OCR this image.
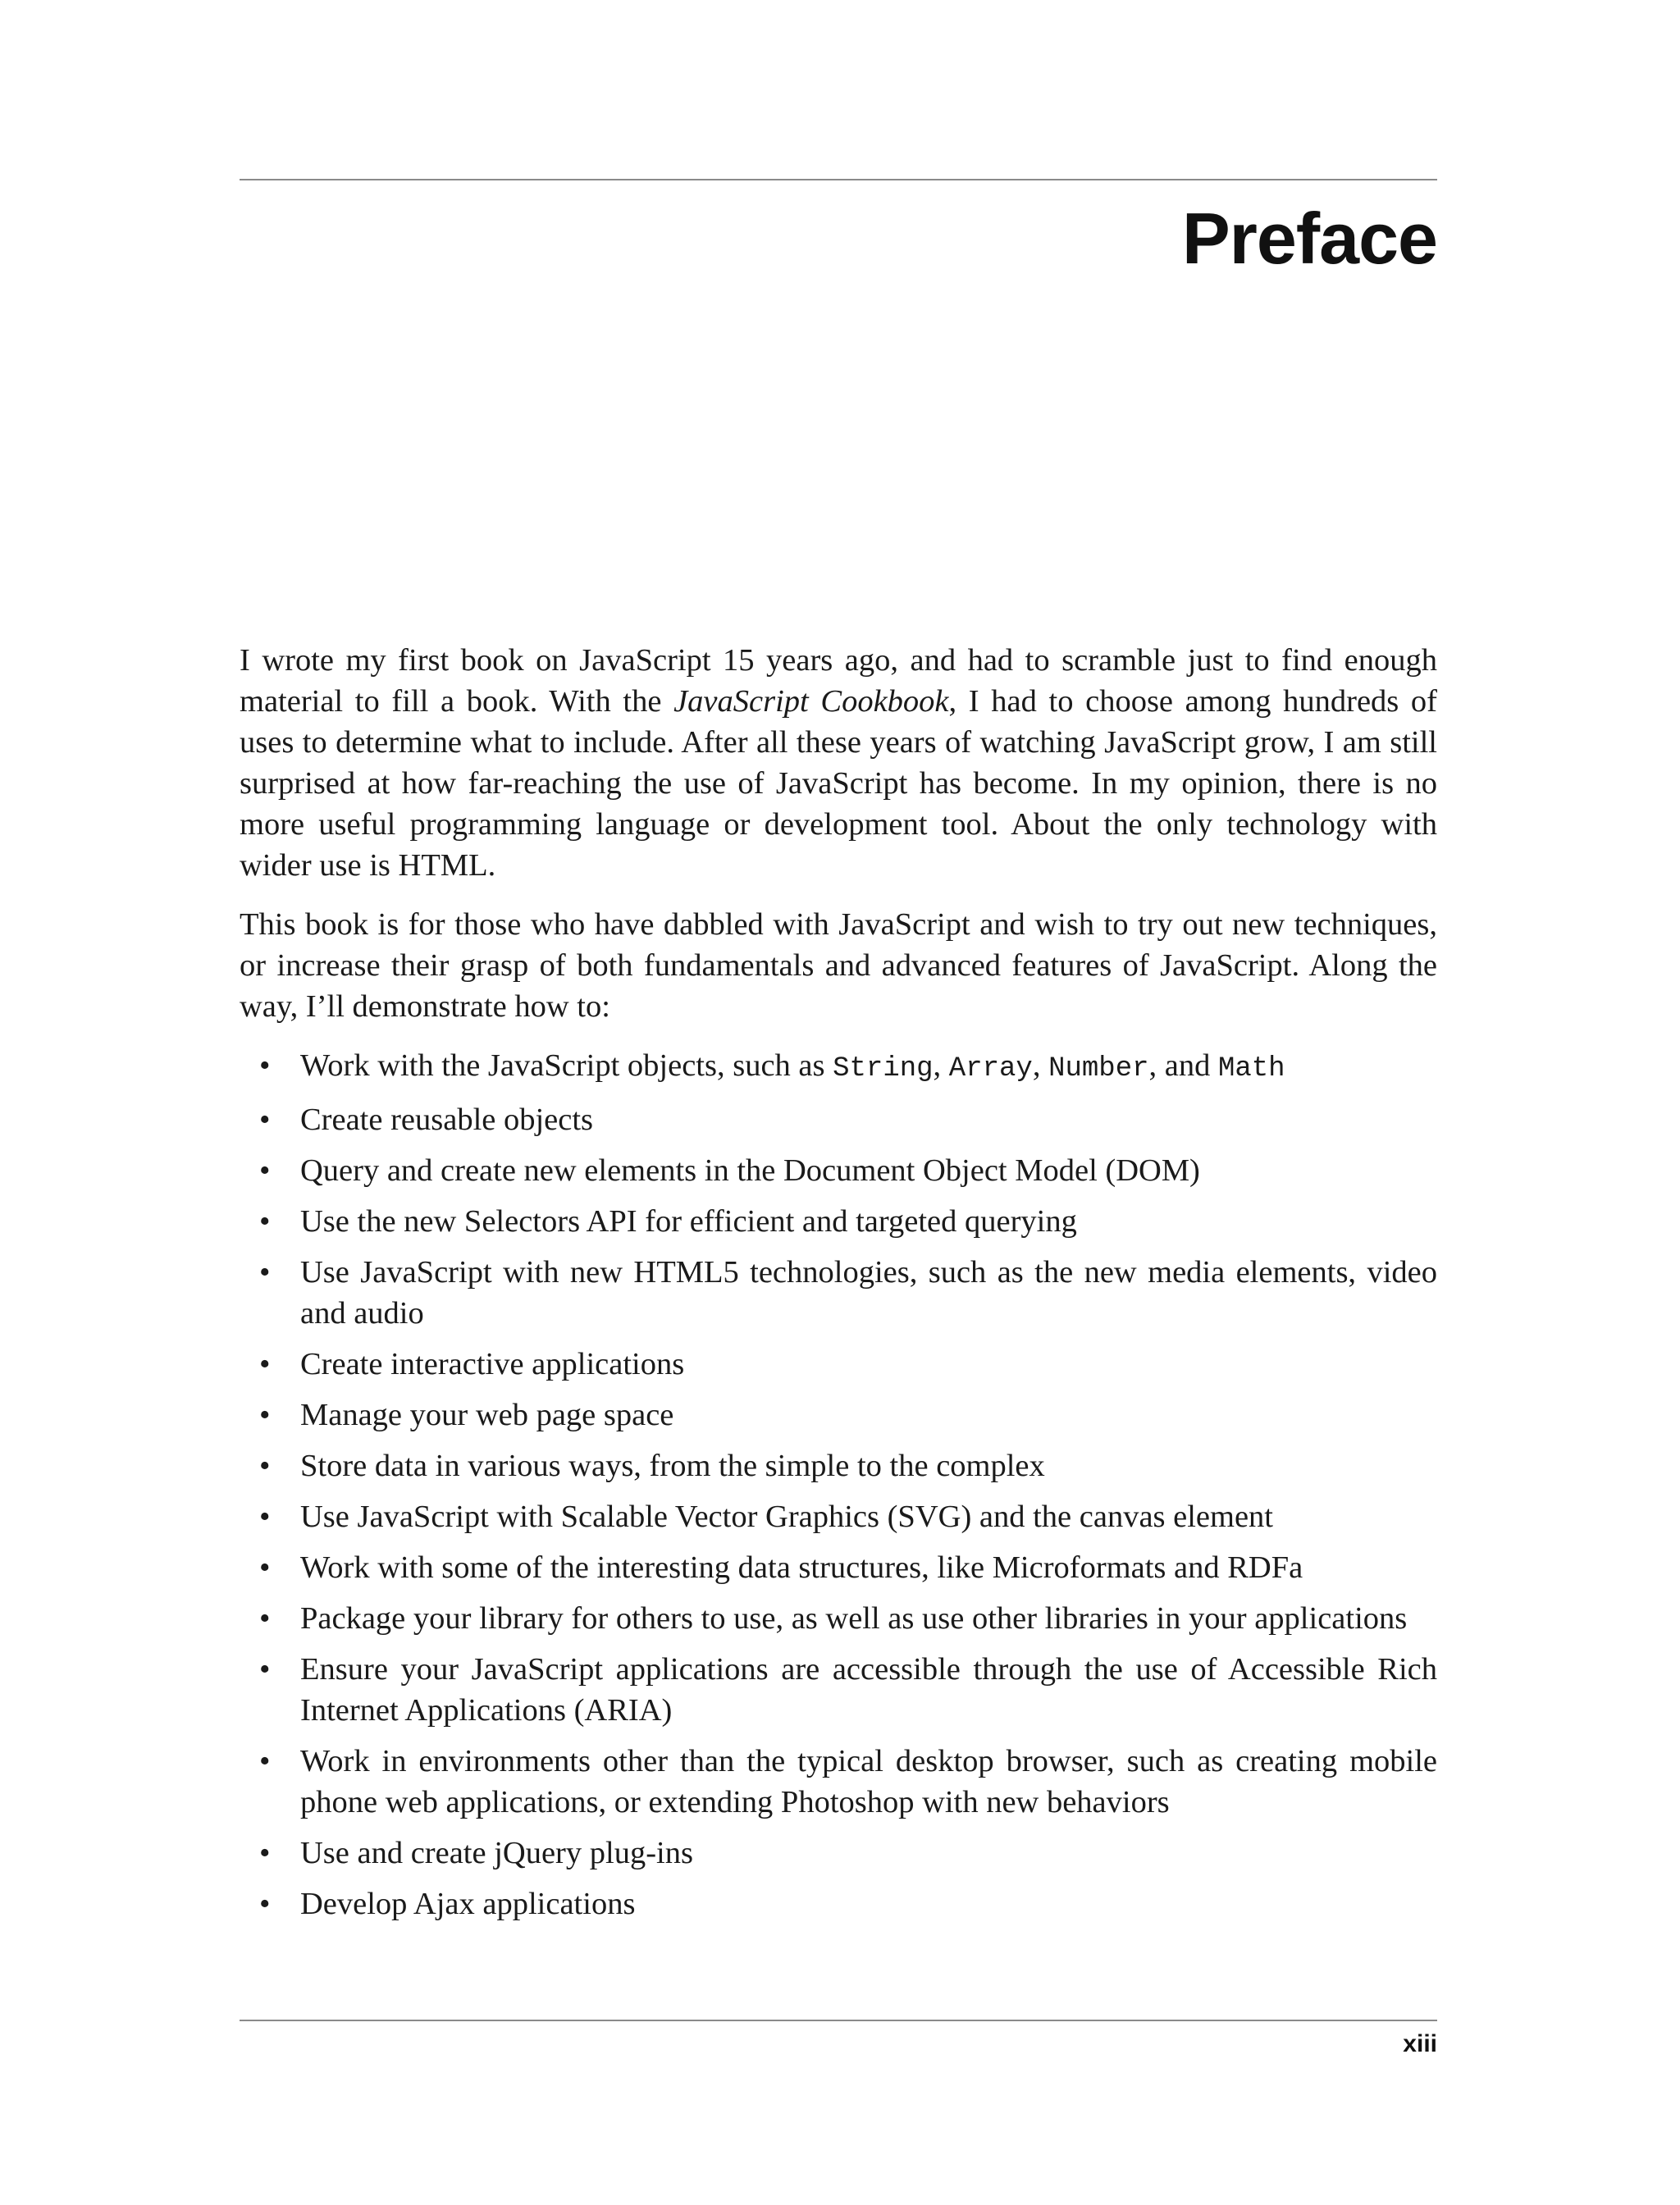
Preface

I wrote my first book on JavaScript 15 years ago, and had to scramble just to find enough material to fill a book. With the JavaScript Cookbook, I had to choose among hundreds of uses to determine what to include. After all these years of watching JavaScript grow, I am still surprised at how far-reaching the use of JavaScript has become. In my opinion, there is no more useful programming language or development tool. About the only technology with wider use is HTML.

This book is for those who have dabbled with JavaScript and wish to try out new techniques, or increase their grasp of both fundamentals and advanced features of JavaScript. Along the way, I’ll demonstrate how to:

• Work with the JavaScript objects, such as String, Array, Number, and Math
• Create reusable objects
• Query and create new elements in the Document Object Model (DOM)
• Use the new Selectors API for efficient and targeted querying
• Use JavaScript with new HTML5 technologies, such as the new media elements, video and audio
• Create interactive applications
• Manage your web page space
• Store data in various ways, from the simple to the complex
• Use JavaScript with Scalable Vector Graphics (SVG) and the canvas element
• Work with some of the interesting data structures, like Microformats and RDFa
• Package your library for others to use, as well as use other libraries in your applications
• Ensure your JavaScript applications are accessible through the use of Accessible Rich Internet Applications (ARIA)
• Work in environments other than the typical desktop browser, such as creating mobile phone web applications, or extending Photoshop with new behaviors
• Use and create jQuery plug-ins
• Develop Ajax applications
xiii
